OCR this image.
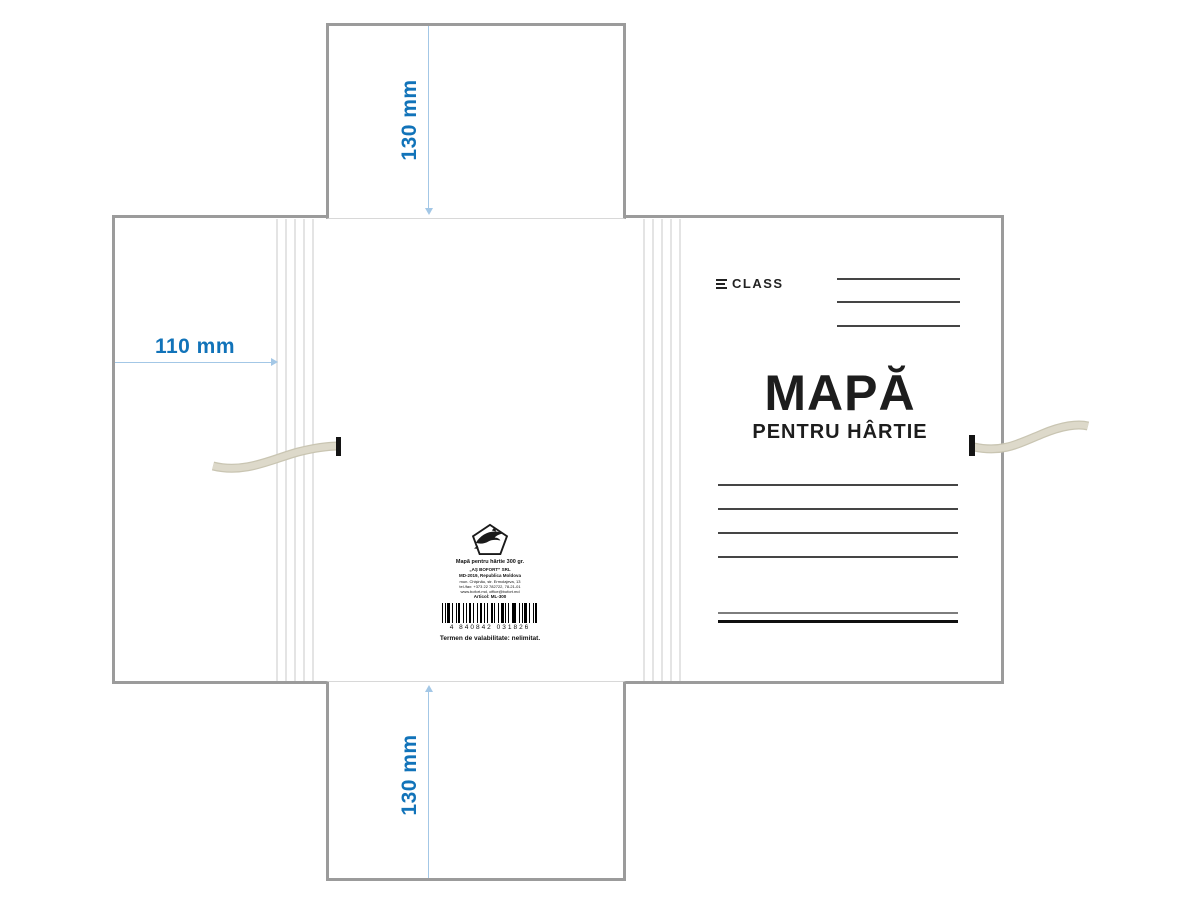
130 mm
110 mm
130 mm
CLASS
MAPĂ
PENTRU HÂRTIE
Mapă pentru hârtie 300 gr.
„AŞ BOFORT” SRL
MD-2019, Republica Moldova
mun. Chişinău, str. Ermolajeva, 13
tel./fax: +373 22 782722, 78-21-01
www.bofort.md, office@bofort.md
Articol: ML-300
4 840842 031826
Termen de valabilitate: nelimitat.
